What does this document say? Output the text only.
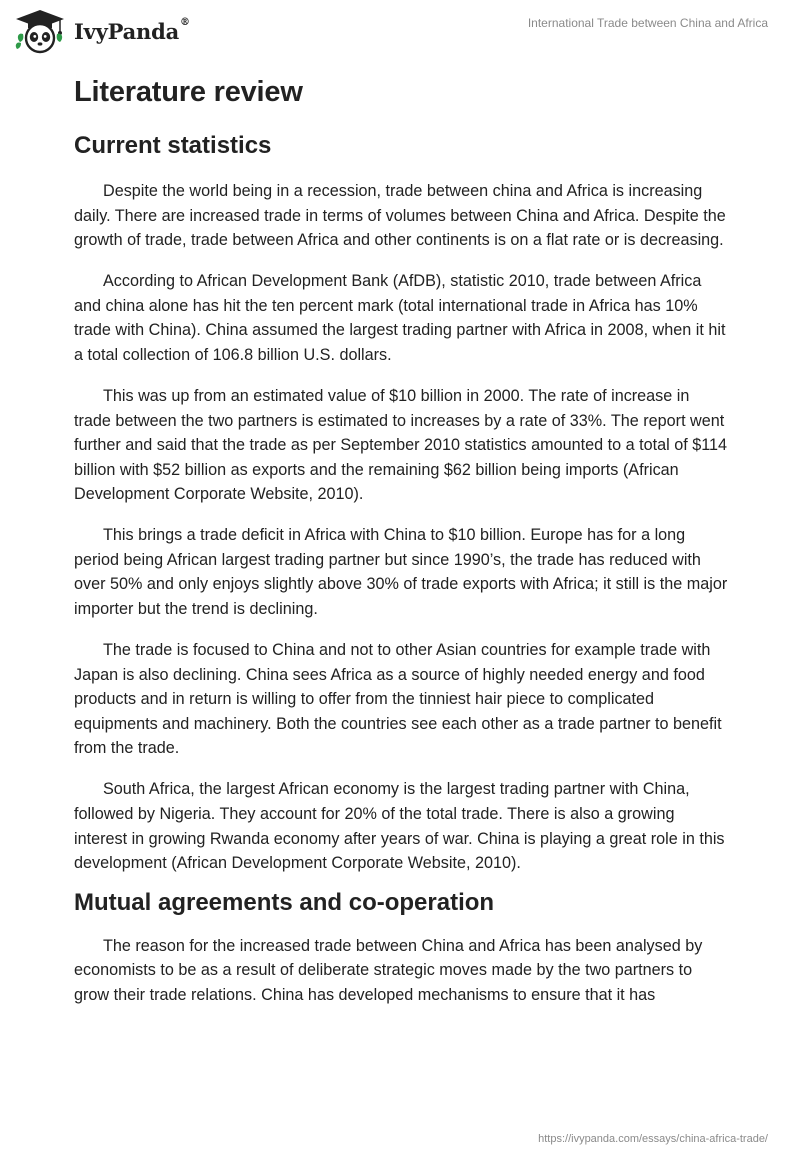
IvyPanda®	International Trade between China and Africa
Literature review
Current statistics

Despite the world being in a recession, trade between china and Africa is increasing daily. There are increased trade in terms of volumes between China and Africa. Despite the growth of trade, trade between Africa and other continents is on a flat rate or is decreasing.

According to African Development Bank (AfDB), statistic 2010, trade between Africa and china alone has hit the ten percent mark (total international trade in Africa has 10% trade with China). China assumed the largest trading partner with Africa in 2008, when it hit a total collection of 106.8 billion U.S. dollars.

This was up from an estimated value of $10 billion in 2000. The rate of increase in trade between the two partners is estimated to increases by a rate of 33%. The report went further and said that the trade as per September 2010 statistics amounted to a total of $114 billion with $52 billion as exports and the remaining $62 billion being imports (African Development Corporate Website, 2010).

This brings a trade deficit in Africa with China to $10 billion. Europe has for a long period being African largest trading partner but since 1990’s, the trade has reduced with over 50% and only enjoys slightly above 30% of trade exports with Africa; it still is the major importer but the trend is declining.

The trade is focused to China and not to other Asian countries for example trade with Japan is also declining. China sees Africa as a source of highly needed energy and food products and in return is willing to offer from the tinniest hair piece to complicated equipments and machinery. Both the countries see each other as a trade partner to benefit from the trade.

South Africa, the largest African economy is the largest trading partner with China, followed by Nigeria. They account for 20% of the total trade. There is also a growing interest in growing Rwanda economy after years of war. China is playing a great role in this development (African Development Corporate Website, 2010).

Mutual agreements and co-operation

The reason for the increased trade between China and Africa has been analysed by economists to be as a result of deliberate strategic moves made by the two partners to grow their trade relations. China has developed mechanisms to ensure that it has

https://ivypanda.com/essays/china-africa-trade/
